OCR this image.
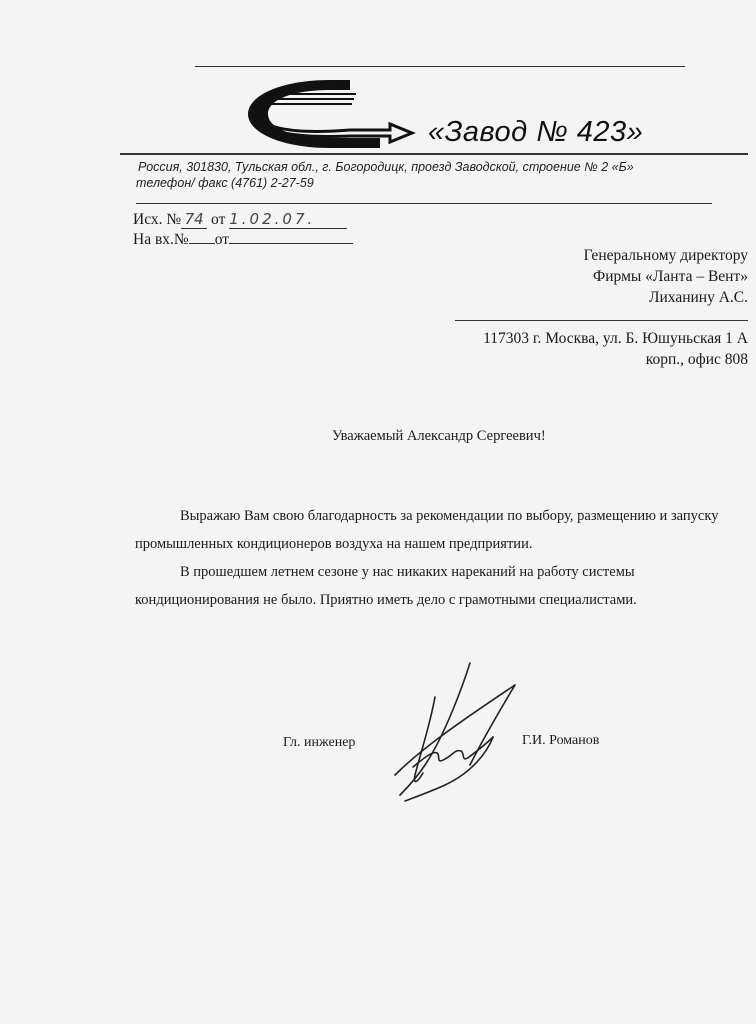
«Завод № 423»
Россия, 301830, Тульская обл., г. Богородицк, проезд Заводской, строение № 2 «Б»
телефон/ факс (4761) 2-27-59
Исх. № 74 от 1.02.07.
На вх.№ от
Генеральному директору
Фирмы «Ланта – Вент»
Лиханину А.С.
117303 г. Москва, ул. Б. Юшуньская 1 А
корп., офис 808
Уважаемый Александр Сергеевич!
Выражаю Вам свою благодарность за рекомендации по выбору, размещению и запуску
промышленных кондиционеров воздуха на нашем предприятии.
В прошедшем летнем сезоне у нас никаких нареканий на работу системы
кондиционирования не было. Приятно иметь дело с грамотными специалистами.
Гл. инженер	Г.И. Романов
